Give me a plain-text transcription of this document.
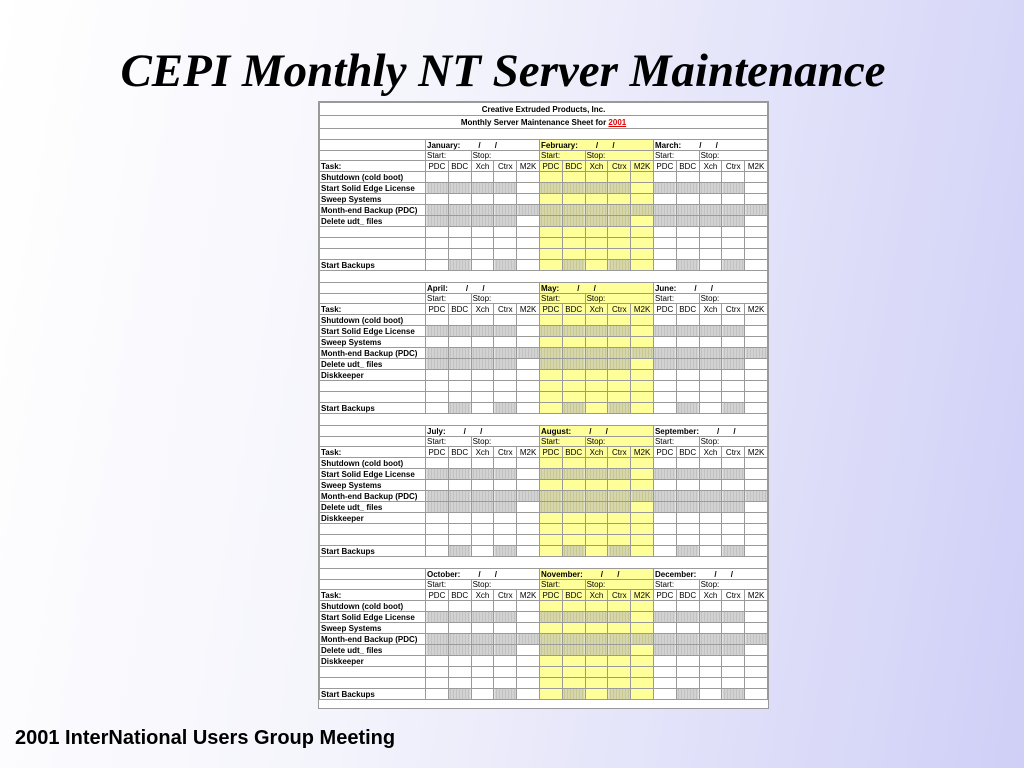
CEPI Monthly NT Server Maintenance
Creative Extruded Products, Inc.															
Monthly Server Maintenance Sheet for 2001															

	January: / /					February: / /					March: / /				
	Start:		Stop:			Start:		Stop:			Start:		Stop:		
Task:	PDC	BDC	Xch	Ctrx	M2K	PDC	BDC	Xch	Ctrx	M2K	PDC	BDC	Xch	Ctrx	M2K
Shutdown (cold boot)															
Start Solid Edge License															
Sweep Systems															
Month-end Backup (PDC)															
Delete udt_ files															

Start Backups															

	April: / /					May: / /					June: / /				
	Start:		Stop:			Start:		Stop:			Start:		Stop:		
Task:	PDC	BDC	Xch	Ctrx	M2K	PDC	BDC	Xch	Ctrx	M2K	PDC	BDC	Xch	Ctrx	M2K
Shutdown (cold boot)															
Start Solid Edge License															
Sweep Systems															
Month-end Backup (PDC)															
Delete udt_ files															
Diskkeeper															

Start Backups															

	July: / /					August: / /					September: / /				
	Start:		Stop:			Start:		Stop:			Start:		Stop:		
Task:	PDC	BDC	Xch	Ctrx	M2K	PDC	BDC	Xch	Ctrx	M2K	PDC	BDC	Xch	Ctrx	M2K
Shutdown (cold boot)															
Start Solid Edge License															
Sweep Systems															
Month-end Backup (PDC)															
Delete udt_ files															
Diskkeeper															

Start Backups															

	October: / /					November: / /					December: / /				
	Start:		Stop:			Start:		Stop:			Start:		Stop:		
Task:	PDC	BDC	Xch	Ctrx	M2K	PDC	BDC	Xch	Ctrx	M2K	PDC	BDC	Xch	Ctrx	M2K
Shutdown (cold boot)															
Start Solid Edge License															
Sweep Systems															
Month-end Backup (PDC)															
Delete udt_ files															
Diskkeeper															

Start Backups															
2001 InterNational Users Group Meeting
